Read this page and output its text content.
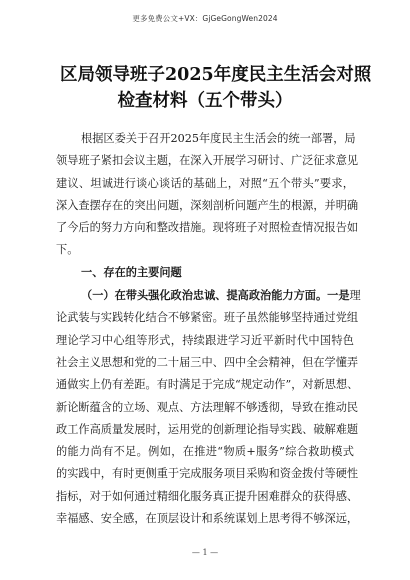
更多免费公文+VX：GjGeGongWen2024
区局领导班子2025年度民主生活会对照
检查材料（五个带头）
根据区委关于召开2025年度民主生活会的统一部署，局
领导班子紧扣会议主题，在深入开展学习研讨、广泛征求意见
建议、坦诚进行谈心谈话的基础上，对照“五个带头”要求，
深入查摆存在的突出问题，深刻剖析问题产生的根源，并明确
了今后的努力方向和整改措施。现将班子对照检查情况报告如
下。
一、存在的主要问题
（一）在带头强化政治忠诚、提高政治能力方面。一是理
论武装与实践转化结合不够紧密。班子虽然能够坚持通过党组
理论学习中心组等形式，持续跟进学习近平新时代中国特色
社会主义思想和党的二十届三中、四中全会精神，但在学懂弄
通做实上仍有差距。有时满足于完成“规定动作”，对新思想、
新论断蕴含的立场、观点、方法理解不够透彻，导致在推动民
政工作高质量发展时，运用党的创新理论指导实践、破解难题
的能力尚有不足。例如，在推进“物质+服务”综合救助模式
的实践中，有时更侧重于完成服务项目采购和资金拨付等硬性
指标，对于如何通过精细化服务真正提升困难群众的获得感、
幸福感、安全感，在顶层设计和系统谋划上思考得不够深远，
— 1 —
